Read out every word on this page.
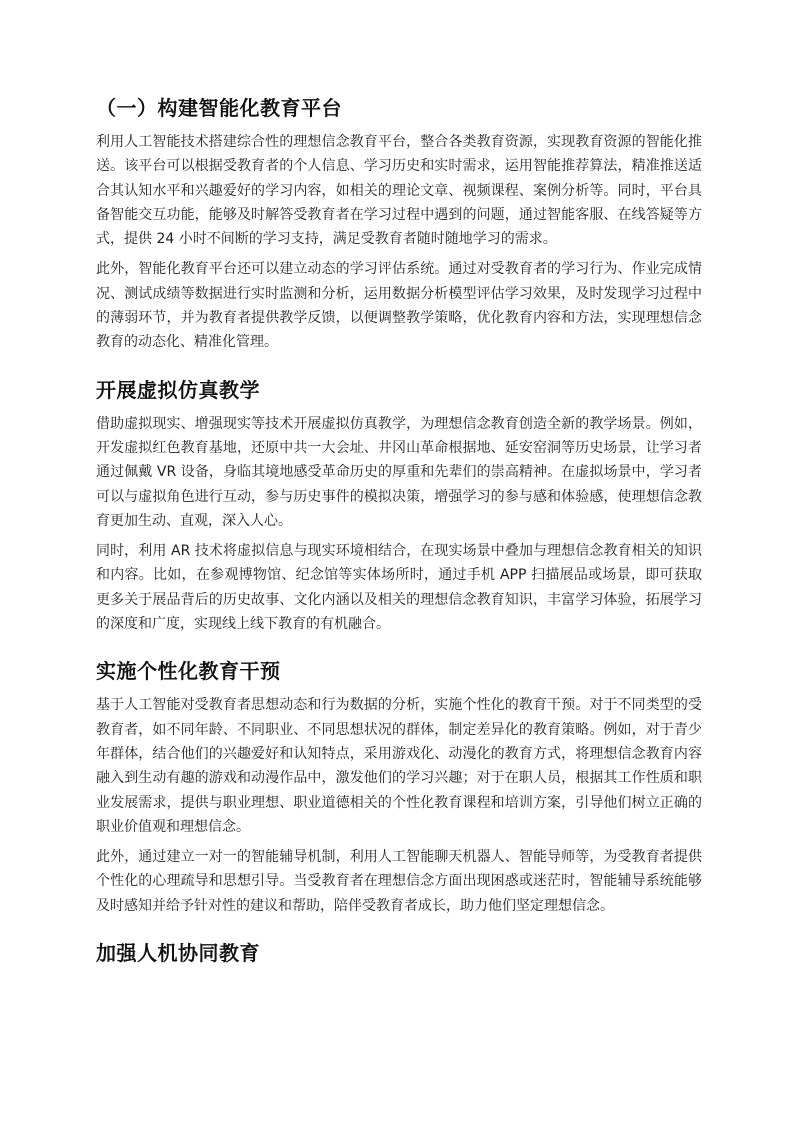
（一）构建智能化教育平台

利用人工智能技术搭建综合性的理想信念教育平台，整合各类教育资源，实现教育资源的智能化推送。该平台可以根据受教育者的个人信息、学习历史和实时需求，运用智能推荐算法，精准推送适合其认知水平和兴趣爱好的学习内容，如相关的理论文章、视频课程、案例分析等。同时，平台具备智能交互功能，能够及时解答受教育者在学习过程中遇到的问题，通过智能客服、在线答疑等方式，提供 24 小时不间断的学习支持，满足受教育者随时随地学习的需求。

此外，智能化教育平台还可以建立动态的学习评估系统。通过对受教育者的学习行为、作业完成情况、测试成绩等数据进行实时监测和分析，运用数据分析模型评估学习效果，及时发现学习过程中的薄弱环节，并为教育者提供教学反馈，以便调整教学策略，优化教育内容和方法，实现理想信念教育的动态化、精准化管理。

开展虚拟仿真教学

借助虚拟现实、增强现实等技术开展虚拟仿真教学，为理想信念教育创造全新的教学场景。例如，开发虚拟红色教育基地，还原中共一大会址、井冈山革命根据地、延安窑洞等历史场景，让学习者通过佩戴 VR 设备，身临其境地感受革命历史的厚重和先辈们的崇高精神。在虚拟场景中，学习者可以与虚拟角色进行互动，参与历史事件的模拟决策，增强学习的参与感和体验感，使理想信念教育更加生动、直观，深入人心。

同时，利用 AR 技术将虚拟信息与现实环境相结合，在现实场景中叠加与理想信念教育相关的知识和内容。比如，在参观博物馆、纪念馆等实体场所时，通过手机 APP 扫描展品或场景，即可获取更多关于展品背后的历史故事、文化内涵以及相关的理想信念教育知识，丰富学习体验，拓展学习的深度和广度，实现线上线下教育的有机融合。

实施个性化教育干预

基于人工智能对受教育者思想动态和行为数据的分析，实施个性化的教育干预。对于不同类型的受教育者，如不同年龄、不同职业、不同思想状况的群体，制定差异化的教育策略。例如，对于青少年群体，结合他们的兴趣爱好和认知特点，采用游戏化、动漫化的教育方式，将理想信念教育内容融入到生动有趣的游戏和动漫作品中，激发他们的学习兴趣；对于在职人员，根据其工作性质和职业发展需求，提供与职业理想、职业道德相关的个性化教育课程和培训方案，引导他们树立正确的职业价值观和理想信念。

此外，通过建立一对一的智能辅导机制，利用人工智能聊天机器人、智能导师等，为受教育者提供个性化的心理疏导和思想引导。当受教育者在理想信念方面出现困惑或迷茫时，智能辅导系统能够及时感知并给予针对性的建议和帮助，陪伴受教育者成长，助力他们坚定理想信念。

加强人机协同教育
